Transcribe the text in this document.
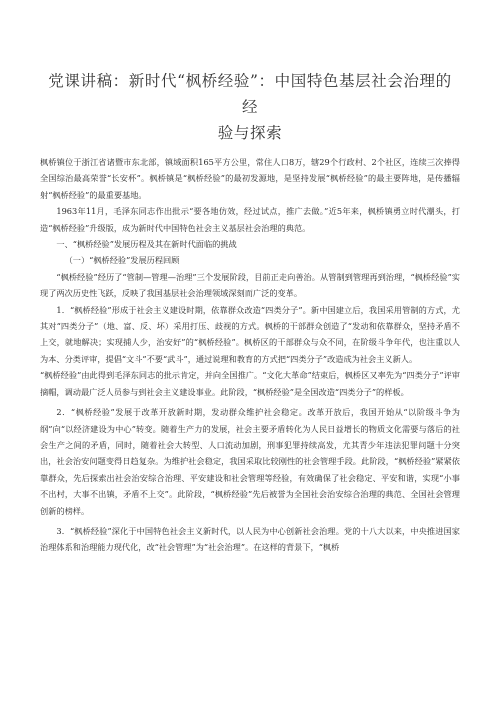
党课讲稿：新时代“枫桥经验”：中国特色基层社会治理的经
验与探索

枫桥镇位于浙江省诸暨市东北部，镇域面积165平方公里，常住人口8万，辖29个行政村、2个社区，连续三次捧得全国综治最高荣誉“长安杯”。枫桥镇是“枫桥经验”的最初发源地，是坚持发展“枫桥经验”的最主要阵地，是传播辐射“枫桥经验”的最重要基地。

1963年11月，毛泽东同志作出批示“要各地仿效，经过试点，推广去做。”近5年来，枫桥镇勇立时代潮头，打造“枫桥经验”升级版，成为新时代中国特色社会主义基层社会治理的典范。

一、“枫桥经验”发展历程及其在新时代面临的挑战

（一）“枫桥经验”发展历程回顾

“枫桥经验”经历了“管制—管理—治理”三个发展阶段，目前正走向善治。从管制到管理再到治理，“枫桥经验”实现了两次历史性飞跃，反映了我国基层社会治理领域深刻而广泛的变革。

1．“枫桥经验”形成于社会主义建设时期，依靠群众改造“四类分子”。新中国建立后，我国采用管制的方式，尤其对“四类分子”（地、富、反、坏）采用打压、歧视的方式。枫桥的干部群众创造了“发动和依靠群众，坚持矛盾不上交，就地解决；实现捕人少，治安好”的“枫桥经验”。枫桥区的干部群众与众不同，在阶级斗争年代，也注重以人为本、分类评审，提倡“文斗”不要“武斗”，通过说理和教育的方式把“四类分子”改造成为社会主义新人。

“枫桥经验”由此得到毛泽东同志的批示肯定，并向全国推广。“文化大革命”结束后，枫桥区又率先为“四类分子”评审摘帽，调动最广泛人员参与到社会主义建设事业。此阶段，“枫桥经验”是全国改造“四类分子”的样板。

2．“枫桥经验”发展于改革开放新时期，发动群众维护社会稳定。改革开放后，我国开始从“以阶级斗争为纲”向“以经济建设为中心”转变。随着生产力的发展，社会主要矛盾转化为人民日益增长的物质文化需要与落后的社会生产之间的矛盾，同时，随着社会大转型、人口流动加剧，刑事犯罪持续高发，尤其青少年违法犯罪问题十分突出，社会治安问题变得日趋复杂。为维护社会稳定，我国采取比较刚性的社会管理手段。此阶段，“枫桥经验”紧紧依靠群众，先后探索出社会治安综合治理、平安建设和社会管理等经验，有效确保了社会稳定、平安和谐，实现“小事不出村，大事不出镇，矛盾不上交”。此阶段，“枫桥经验”先后被誉为全国社会治安综合治理的典范、全国社会管理创新的榜样。

3．“枫桥经验”深化于中国特色社会主义新时代，以人民为中心创新社会治理。党的十八大以来，中央推进国家治理体系和治理能力现代化，改“社会管理”为“社会治理”。在这样的背景下，“枫桥
